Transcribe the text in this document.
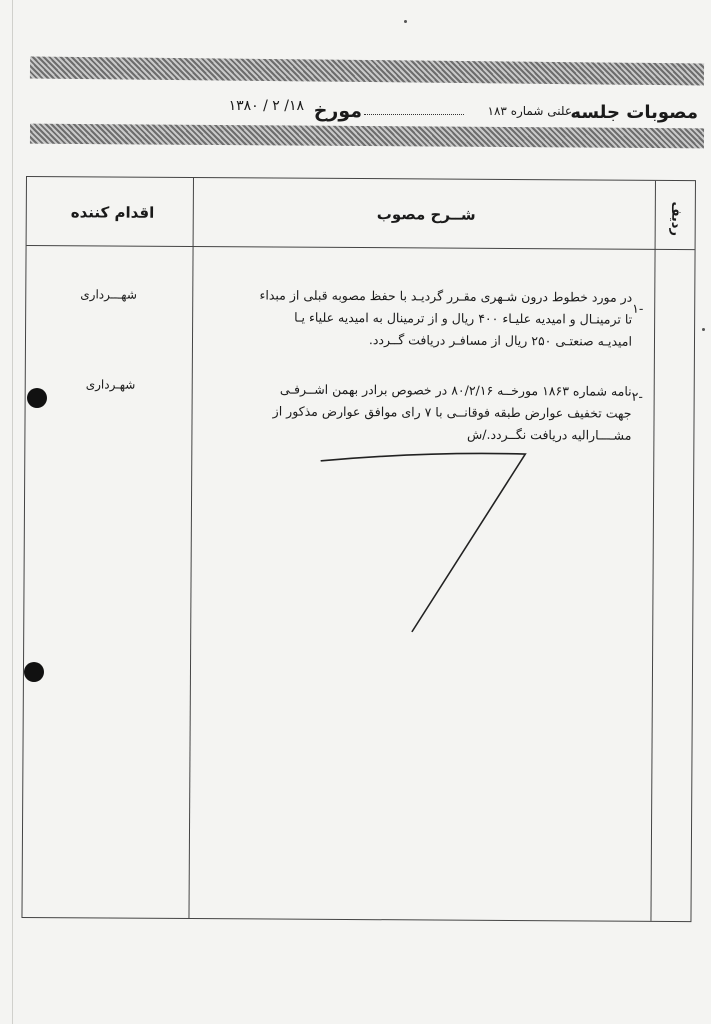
مصوبات جلسه
علنی شماره ۱۸۳
مورخ
۱۳۸۰ / ۲ /۱۸
اقدام کننده	شــرح مصوب	ردیف
۱-
در مورد خطوط درون شـهری مقـرر گردیـد با حفظ مصوبه قبلی از مبداء
تا ترمینـال و امیدیه علیـاء ۴۰۰ ریال و از ترمینال به امیدیه علیاء یـا
امیدیـه صنعتـی ۲۵۰ ریال از مسافـر دریافت گــردد.
شهـــرداری
۲-
نامه شماره ۱۸۶۳ مورخــه ۸۰/۲/۱۶ در خصوص برادر بهمن اشــرفـی
جهت تخفیف عوارض طبقه فوقانــی با ۷ رای موافق عوارض مذکور از
مشــــارالیه دریافت نگــردد./ش
شهـرداری
